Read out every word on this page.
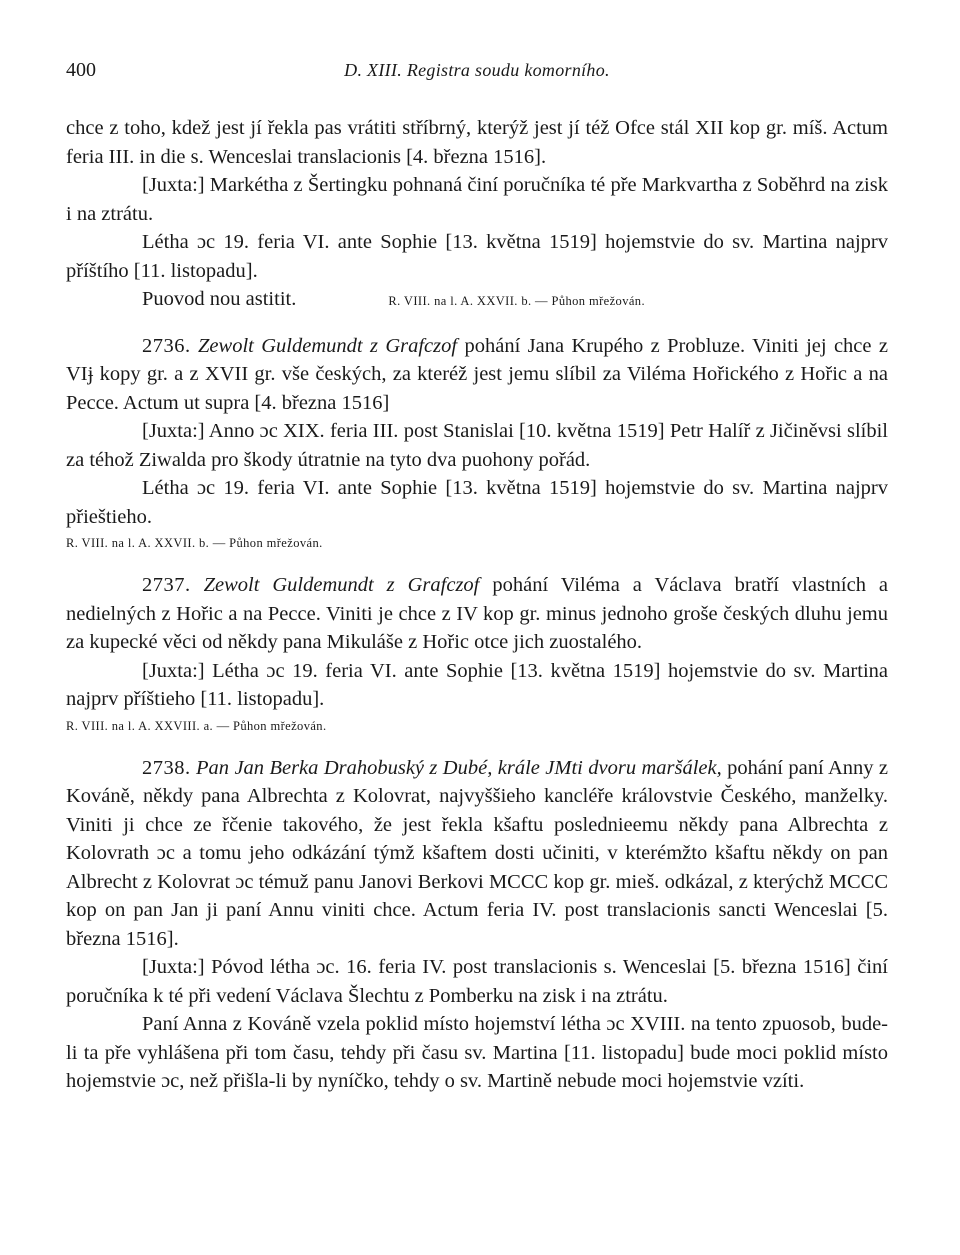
400	D. XIII. Registra soudu komorního.

chce z toho, kdež jest jí řekla pas vrátiti stříbrný, kterýž jest jí též Ofce stál XII kop gr. míš. Actum feria III. in die s. Wenceslai translacionis [4. března 1516].

[Juxta:] Markétha z Šertingku pohnaná činí poručníka té pře Markvartha z Soběhrd na zisk i na ztrátu.

Létha ɔc 19. feria VI. ante Sophie [13. května 1519] hojemstvie do sv. Martina najprv příštího [11. listopadu].

Puovod nou astitit.	R. VIII. na l. A. XXVII. b. — Půhon mřežován.

2736. Zewolt Guldemundt z Grafczof pohání Jana Krupého z Probluze. Viniti jej chce z VIɉ kopy gr. a z XVII gr. vše českých, za kteréž jest jemu slíbil za Viléma Hořického z Hořic a na Pecce. Actum ut supra [4. března 1516]

[Juxta:] Anno ɔc XIX. feria III. post Stanislai [10. května 1519] Petr Halíř z Jičiněvsi slíbil za téhož Ziwalda pro škody útratnie na tyto dva puohony pořád.

Létha ɔc 19. feria VI. ante Sophie [13. května 1519] hojemstvie do sv. Martina najprv přieštieho.

R. VIII. na l. A. XXVII. b. — Půhon mřežován.

2737. Zewolt Guldemundt z Grafczof pohání Viléma a Václava bratří vlastních a nedielných z Hořic a na Pecce. Viniti je chce z IV kop gr. minus jednoho groše českých dluhu jemu za kupecké věci od někdy pana Mikuláše z Hořic otce jich zuostalého.

[Juxta:] Létha ɔc 19. feria VI. ante Sophie [13. května 1519] hojemstvie do sv. Martina najprv příštieho [11. listopadu].

R. VIII. na l. A. XXVIII. a. — Půhon mřežován.

2738. Pan Jan Berka Drahobuský z Dubé, krále JMti dvoru maršálek, pohání paní Anny z Kováně, někdy pana Albrechta z Kolovrat, najvyššieho kancléře královstvie Českého, manželky. Viniti ji chce ze řčenie takového, že jest řekla kšaftu poslednieemu někdy pana Albrechta z Kolovrath ɔc a tomu jeho odkázání týmž kšaftem dosti učiniti, v kterémžto kšaftu někdy on pan Albrecht z Kolovrat ɔc témuž panu Janovi Berkovi MCCC kop gr. mieš. odkázal, z kterýchž MCCC kop on pan Jan ji paní Annu viniti chce. Actum feria IV. post translacionis sancti Wenceslai [5. března 1516].

[Juxta:] Póvod létha ɔc. 16. feria IV. post translacionis s. Wenceslai [5. března 1516] činí poručníka k té při vedení Václava Šlechtu z Pomberku na zisk i na ztrátu.

Paní Anna z Kováně vzela poklid místo hojemství létha ɔc XVIII. na tento zpuosob, bude-li ta pře vyhlášena při tom času, tehdy při času sv. Martina [11. listopadu] bude moci poklid místo hojemstvie ɔc, než přišla-li by nyníčko, tehdy o sv. Martině nebude moci hojemstvie vzíti.
